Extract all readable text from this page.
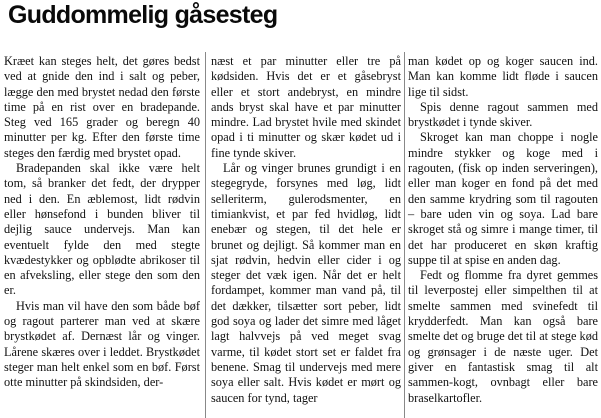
Guddommelig gåsesteg

Kræet kan steges helt, det gøres bedst ved at gnide den ind i salt og peber, lægge den med brystet nedad den første time på en rist over en bradepande. Steg ved 165 grader og beregn 40 minutter per kg. Efter den første time steges den færdig med brystet opad.

Bradepanden skal ikke være helt tom, så branker det fedt, der drypper ned i den. En æblemost, lidt rødvin eller hønsefond i bunden bliver til dejlig sauce undervejs. Man kan eventuelt fylde den med stegte kvædestykker og opblødte abrikoser til en afveksling, eller stege den som den er.

Hvis man vil have den som både bøf og ragout parterer man ved at skære brystkødet af. Dernæst lår og vinger. Lårene skæres over i leddet. Brystkødet steger man helt enkel som en bøf. Først otte minutter på skindsiden, der-

næst et par minutter eller tre på kødsiden. Hvis det er et gåsebryst eller et stort andebryst, en mindre ands bryst skal have et par minutter mindre. Lad brystet hvile med skindet opad i ti minutter og skær kødet ud i fine tynde skiver.

Lår og vinger brunes grundigt i en stegegryde, forsynes med løg, lidt selleriterm, gulerodsmenter, en timiankvist, et par fed hvidløg, lidt enebær og stegen, til det hele er brunet og dejligt. Så kommer man en sjat rødvin, hedvin eller cider i og steger det væk igen. Når det er helt fordampet, kommer man vand på, til det dækker, tilsætter sort peber, lidt god soya og lader det simre med låget lagt halvvejs på ved meget svag varme, til kødet stort set er faldet fra benene. Smag til undervejs med mere soya eller salt. Hvis kødet er mørt og saucen for tynd, tager

man kødet op og koger saucen ind. Man kan komme lidt fløde i saucen lige til sidst.

Spis denne ragout sammen med brystkødet i tynde skiver.

Skroget kan man choppe i nogle mindre stykker og koge med i ragouten, (fisk op inden serveringen), eller man koger en fond på det med den samme krydring som til ragouten – bare uden vin og soya. Lad bare skroget stå og simre i mange timer, til det har produceret en skøn kraftig suppe til at spise en anden dag.

Fedt og flomme fra dyret gemmes til leverpostej eller simpelthen til at smelte sammen med svinefedt til krydderfedt. Man kan også bare smelte det og bruge det til at stege kød og grønsager i de næste uger. Det giver en fantastisk smag til alt sammen-kogt, ovnbagt eller bare braselkartofler.
